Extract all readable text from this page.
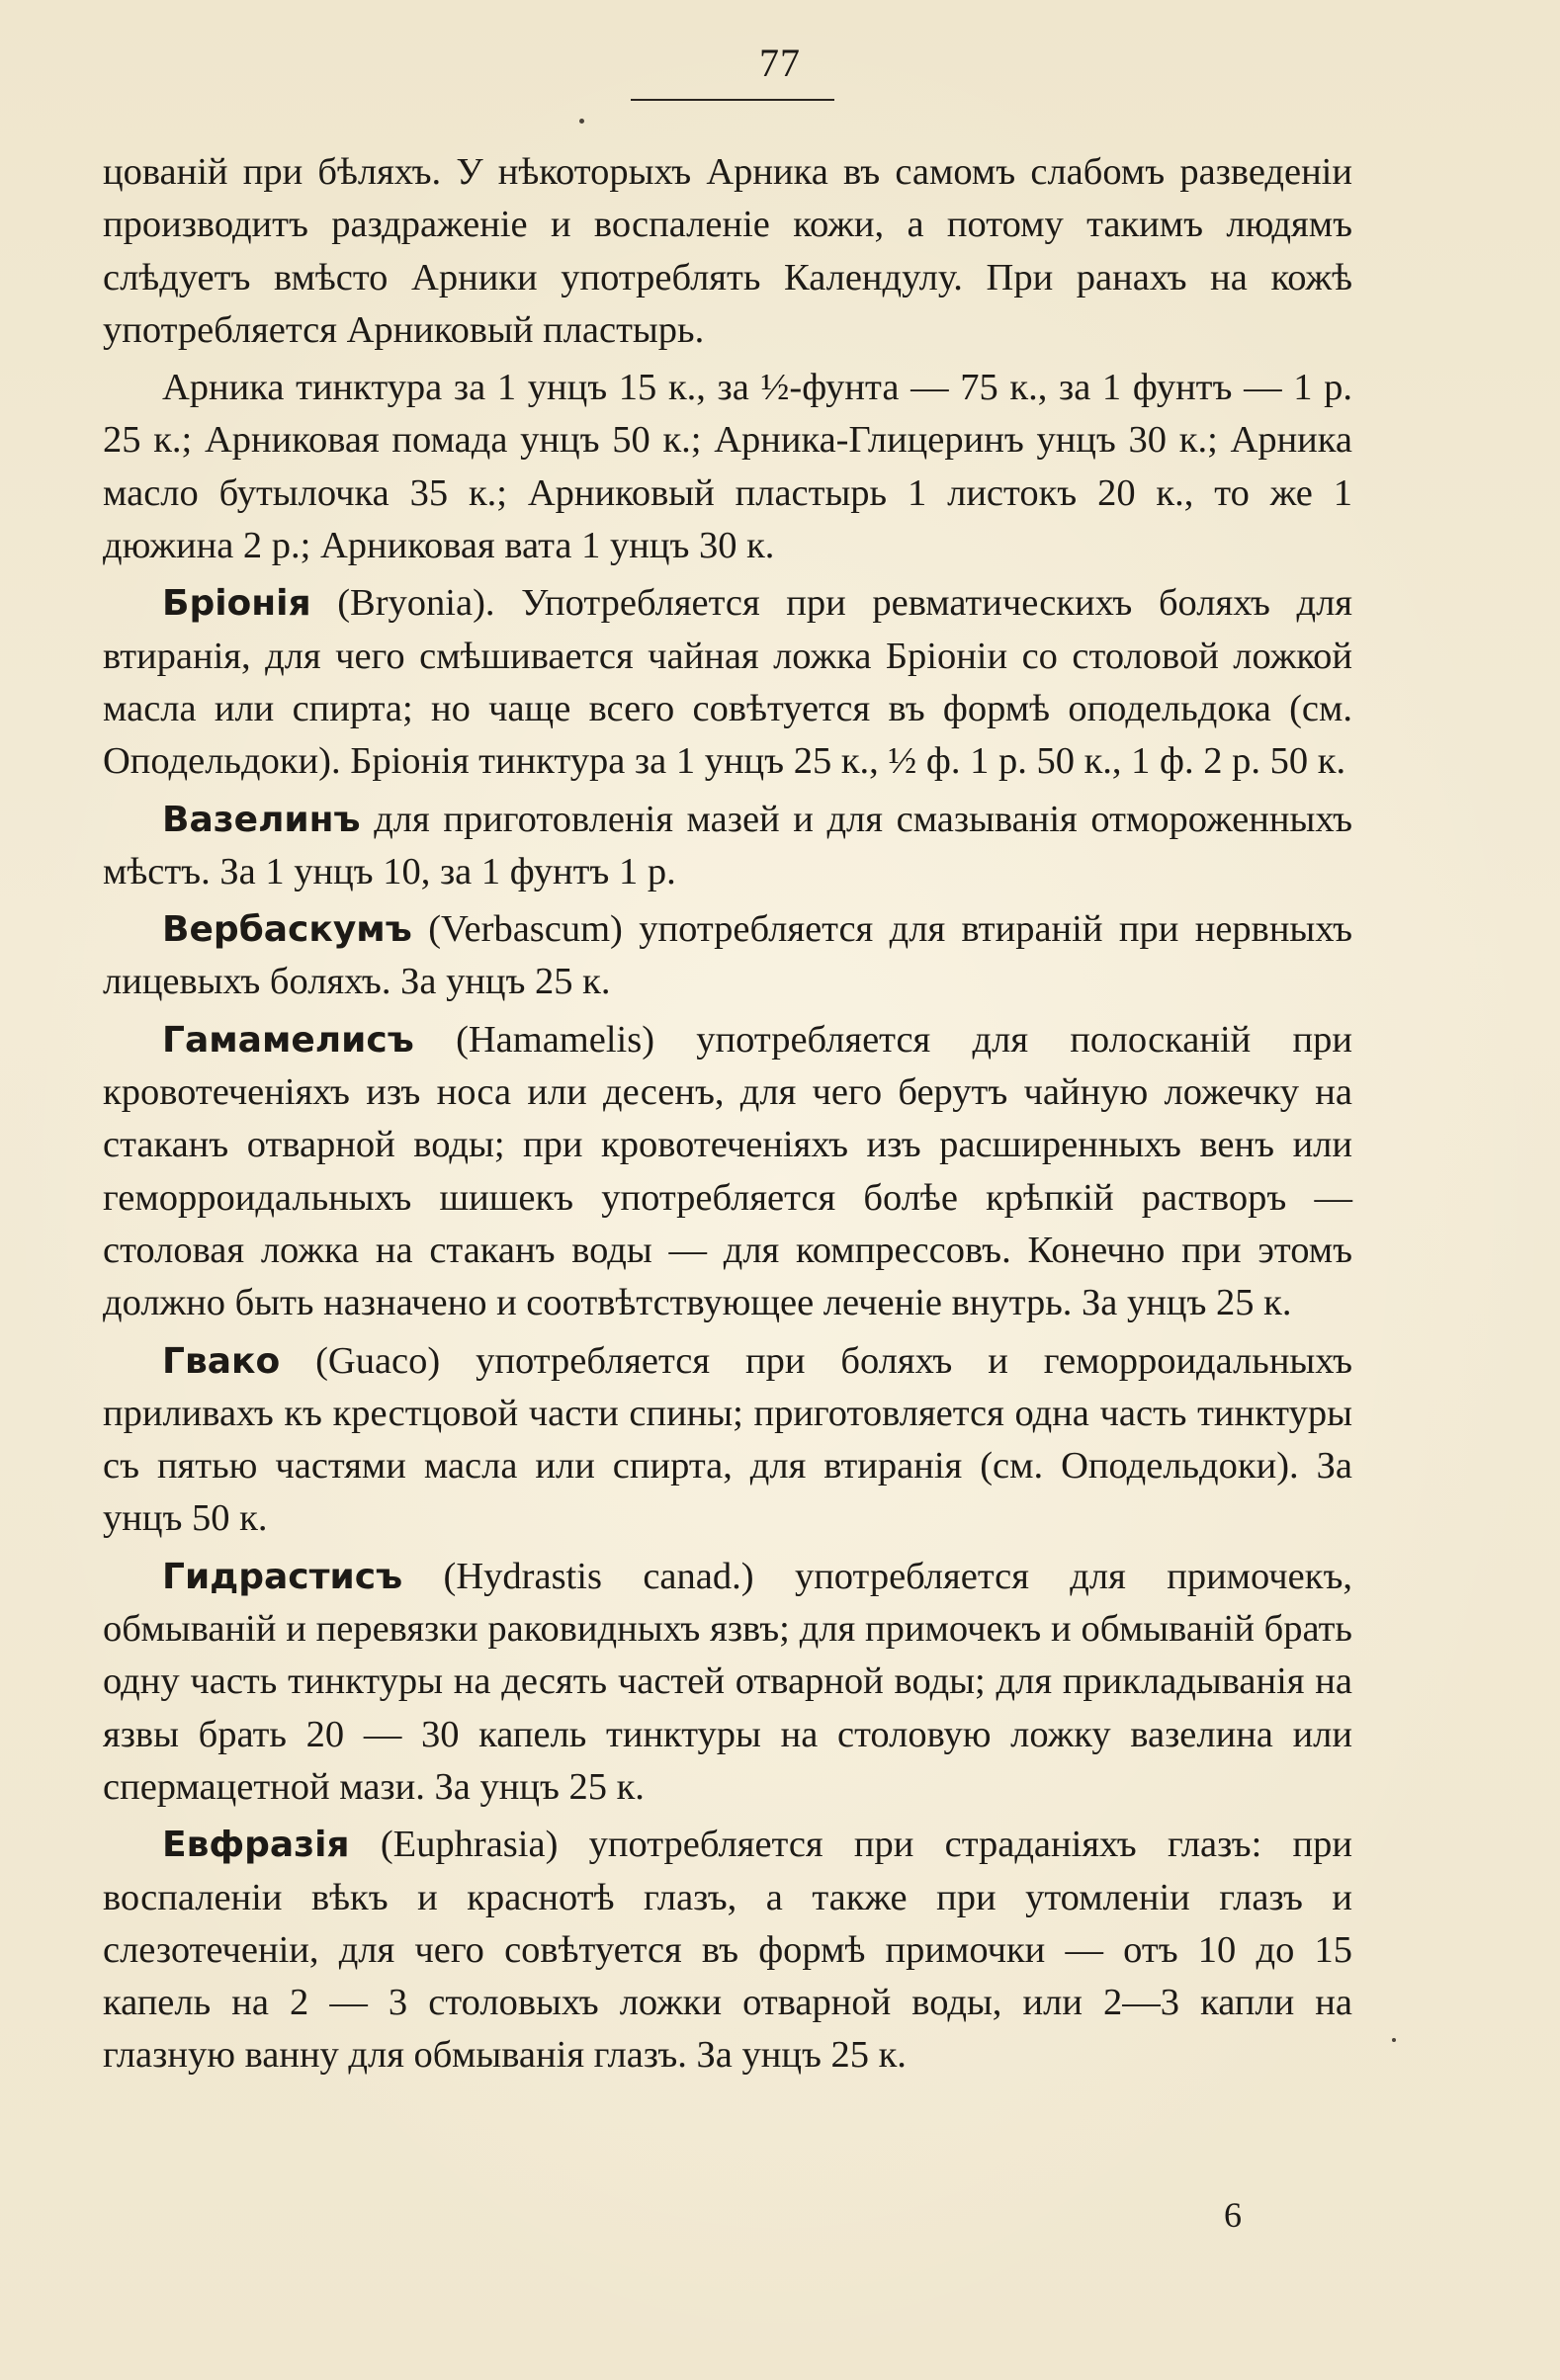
77

цованій при бѣляхъ. У нѣкоторыхъ Арника въ самомъ слабомъ разведеніи производитъ раздраженіе и воспаленіе кожи, а потому такимъ людямъ слѣдуетъ вмѣсто Арники употреблять Календулу. При ранахъ на кожѣ употребляется Арниковый пластырь.

Арника тинктура за 1 унцъ 15 к., за ½-фунта — 75 к., за 1 фунтъ — 1 р. 25 к.; Арниковая помада унцъ 50 к.; Арника-Глицеринъ унцъ 30 к.; Арника масло бутылочка 35 к.; Арниковый пластырь 1 листокъ 20 к., то же 1 дюжина 2 р.; Арниковая вата 1 унцъ 30 к.

Бріонія (Bryonia). Употребляется при ревматическихъ боляхъ для втиранія, для чего смѣшивается чайная ложка Бріоніи со столовой ложкой масла или спирта; но чаще всего совѣтуется въ формѣ оподельдока (см. Оподельдоки). Бріонія тинктура за 1 унцъ 25 к., ½ ф. 1 р. 50 к., 1 ф. 2 р. 50 к.

Вазелинъ для приготовленія мазей и для смазыванія отмороженныхъ мѣстъ. За 1 унцъ 10, за 1 фунтъ 1 р.

Вербаскумъ (Verbascum) употребляется для втираній при нервныхъ лицевыхъ боляхъ. За унцъ 25 к.

Гамамелисъ (Hamamelis) употребляется для полосканій при кровотеченіяхъ изъ носа или десенъ, для чего берутъ чайную ложечку на стаканъ отварной воды; при кровотеченіяхъ изъ расширенныхъ венъ или геморроидальныхъ шишекъ употребляется болѣе крѣпкій растворъ — столовая ложка на стаканъ воды — для компрессовъ. Конечно при этомъ должно быть назначено и соотвѣтствующее леченіе внутрь. За унцъ 25 к.

Гвако (Guaco) употребляется при боляхъ и геморроидальныхъ приливахъ къ крестцовой части спины; приготовляется одна часть тинктуры съ пятью частями масла или спирта, для втиранія (см. Оподельдоки). За унцъ 50 к.

Гидрастисъ (Hydrastis canad.) употребляется для примочекъ, обмываній и перевязки раковидныхъ язвъ; для примочекъ и обмываній брать одну часть тинктуры на десять частей отварной воды; для прикладыванія на язвы брать 20 — 30 капель тинктуры на столовую ложку вазелина или спермацетной мази. За унцъ 25 к.

Евфразія (Euphrasia) употребляется при страданіяхъ глазъ: при воспаленіи вѣкъ и краснотѣ глазъ, а также при утомленіи глазъ и слезотеченіи, для чего совѣтуется въ формѣ примочки — отъ 10 до 15 капель на 2 — 3 столовыхъ ложки отварной воды, или 2—3 капли на глазную ванну для обмыванія глазъ. За унцъ 25 к.

6
